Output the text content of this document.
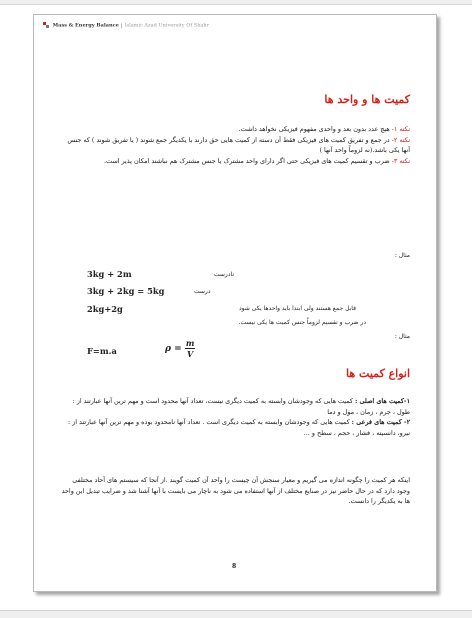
Mass & Energy Balance | Islamic Azad University Of Shahr
کمیت ها و واحد ها
نکته ۱- هیچ عدد بدون بعد و واحدی مفهوم فیزیکی نخواهد داشت.
نکته ۲- در جمع و تفریق کمیت های فیزیکی فقط آن دسته از کمیت هایی حق دارند با یکدیگر جمع شوند ( یا تفریق شوند ) که جنس آنها یکی باشد.(نه لزوماً واحد آنها )
نکته ۳- ضرب و تقسیم کمیت های فیزیکی حتی اگر دارای واحد مشترک یا جنس مشترک هم نباشند امکان پذیر است.
مثال :
3kg + 2m	نادرست
3kg + 2kg = 5kg	درست
2kg+2g	قابل جمع هستند ولی ابتدا باید واحدها یکی شود
در ضرب و تقسیم لزوماً جنس کمیت ها یکی نیست.
مثال :
F=m.a	$\rho = \frac{m}{V}$
انواع کمیت ها
۱-کمیت های اصلی : کمیت هایی که وجودشان وابسته به کمیت دیگری نیست، تعداد آنها محدود است و مهم ترین آنها عبارتند از : طول ، جرم ، زمان ، مول و دما
۲- کمیت های فرعی : کمیت هایی که وجودشان وابسته به کمیت دیگری است . تعداد آنها نامحدود بوده و مهم ترین آنها عبارتند از : نیرو، دانسیته ، فشار ، حجم ، سطح و ...
اینکه هر کمیت را چگونه اندازه می گیریم و معیار سنجش آن چیست را واحد آن کمیت گویند .از آنجا که سیستم های آحاد مختلفی وجود دارد که در حال حاضر نیز در صنایع مختلف از آنها استفاده می شود به ناچار می بایست با آنها آشنا شد و ضرایب تبدیل این واحد ها به یکدیگر را دانست.
8
